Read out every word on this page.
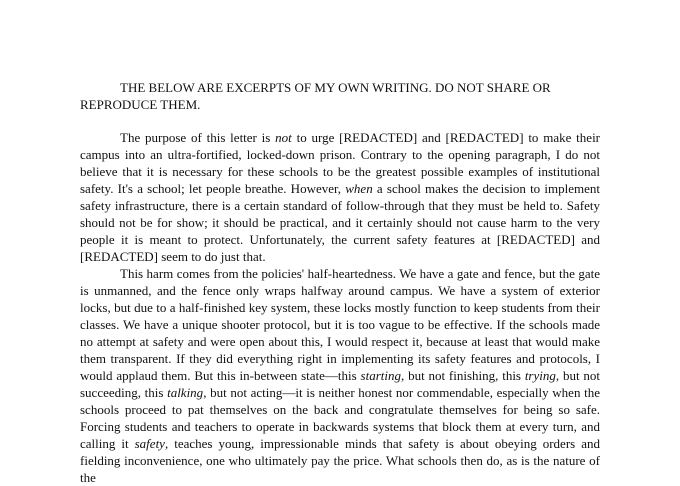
THE BELOW ARE EXCERPTS OF MY OWN WRITING. DO NOT SHARE OR REPRODUCE THEM.

The purpose of this letter is not to urge [REDACTED] and [REDACTED] to make their campus into an ultra-fortified, locked-down prison. Contrary to the opening paragraph, I do not believe that it is necessary for these schools to be the greatest possible examples of institutional safety. It's a school; let people breathe. However, when a school makes the decision to implement safety infrastructure, there is a certain standard of follow-through that they must be held to. Safety should not be for show; it should be practical, and it certainly should not cause harm to the very people it is meant to protect. Unfortunately, the current safety features at [REDACTED] and [REDACTED] seem to do just that.

This harm comes from the policies' half-heartedness. We have a gate and fence, but the gate is unmanned, and the fence only wraps halfway around campus. We have a system of exterior locks, but due to a half-finished key system, these locks mostly function to keep students from their classes. We have a unique shooter protocol, but it is too vague to be effective. If the schools made no attempt at safety and were open about this, I would respect it, because at least that would make them transparent. If they did everything right in implementing its safety features and protocols, I would applaud them. But this in-between state—this starting, but not finishing, this trying, but not succeeding, this talking, but not acting—it is neither honest nor commendable, especially when the schools proceed to pat themselves on the back and congratulate themselves for being so safe. Forcing students and teachers to operate in backwards systems that block them at every turn, and calling it safety, teaches young, impressionable minds that safety is about obeying orders and fielding inconvenience, one who ultimately pay the price. What schools then do, as is the nature of the
